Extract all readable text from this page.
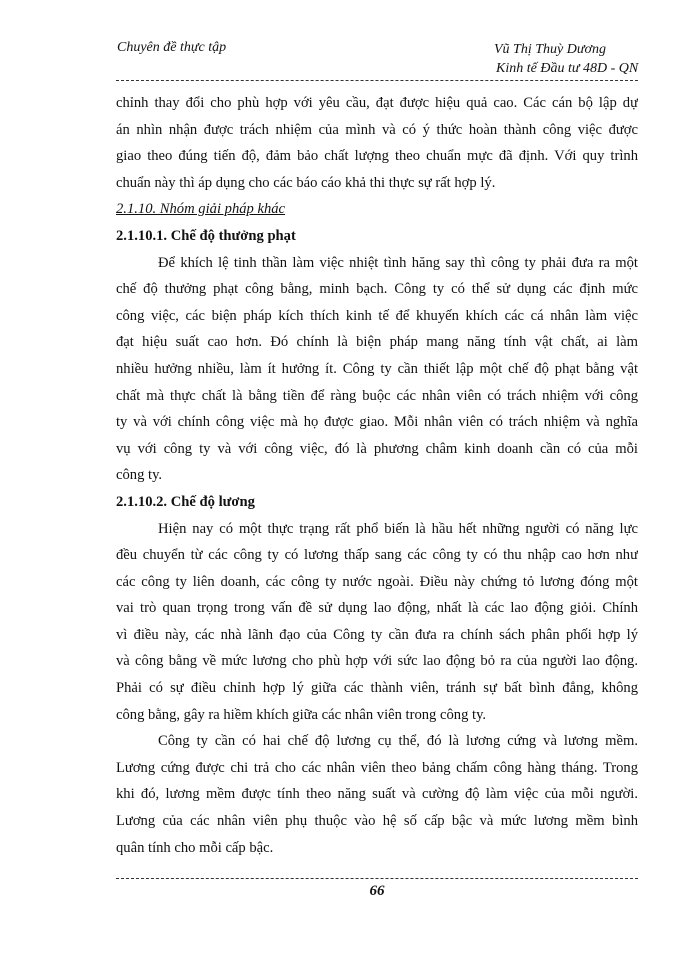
Chuyên đề thực tập	Vũ Thị Thuỳ Dương
Kinh tế Đầu tư 48D - QN
chỉnh thay đổi cho phù hợp với yêu cầu, đạt được hiệu quả cao. Các cán bộ lập dự
án nhìn nhận được trách nhiệm của mình và có ý thức hoàn thành công việc được
giao theo đúng tiến độ, đảm bảo chất lượng theo chuẩn mực đã định. Với quy trình
chuẩn này thì áp dụng cho các báo cáo khả thi thực sự rất hợp lý.
2.1.10. Nhóm giải pháp khác
2.1.10.1. Chế độ thưởng phạt
Để khích lệ tinh thần làm việc nhiệt tình hăng say thì công ty phải đưa ra một
chế độ thưởng phạt công bằng, minh bạch. Công ty có thể sử dụng các định mức
công việc, các biện pháp kích thích kinh tế để khuyến khích các cá nhân làm việc
đạt hiệu suất cao hơn. Đó chính là biện pháp mang năng tính vật chất, ai làm
nhiều hưởng nhiều, làm ít hưởng ít. Công ty cần thiết lập một chế độ phạt bằng vật
chất mà thực chất là bằng tiền để ràng buộc các nhân viên có trách nhiệm với công
ty và với chính công việc mà họ được giao. Mỗi nhân viên có trách nhiệm và nghĩa
vụ với công ty và với công việc, đó là phương châm kinh doanh cần có của mỗi
công ty.
2.1.10.2. Chế độ lương
Hiện nay có một thực trạng rất phổ biến là hầu hết những người có năng lực
đều chuyển từ các công ty có lương thấp sang các công ty có thu nhập cao hơn như
các công ty liên doanh, các công ty nước ngoài. Điều này chứng tỏ lương đóng một
vai trò quan trọng trong vấn đề sử dụng lao động, nhất là các lao động giỏi. Chính
vì điều này, các nhà lãnh đạo của Công ty cần đưa ra chính sách phân phối hợp lý
và công bằng về mức lương cho phù hợp với sức lao động bỏ ra của người lao động.
Phải có sự điều chỉnh hợp lý giữa các thành viên, tránh sự bất bình đẳng, không
công bằng, gây ra hiềm khích giữa các nhân viên trong công ty.
Công ty cần có hai chế độ lương cụ thể, đó là lương cứng và lương mềm.
Lương cứng được chi trả cho các nhân viên theo bảng chấm công hàng tháng. Trong
khi đó, lương mềm được tính theo năng suất và cường độ làm việc của mỗi người.
Lương của các nhân viên phụ thuộc vào hệ số cấp bậc và mức lương mềm bình
quân tính cho mỗi cấp bậc.
66
